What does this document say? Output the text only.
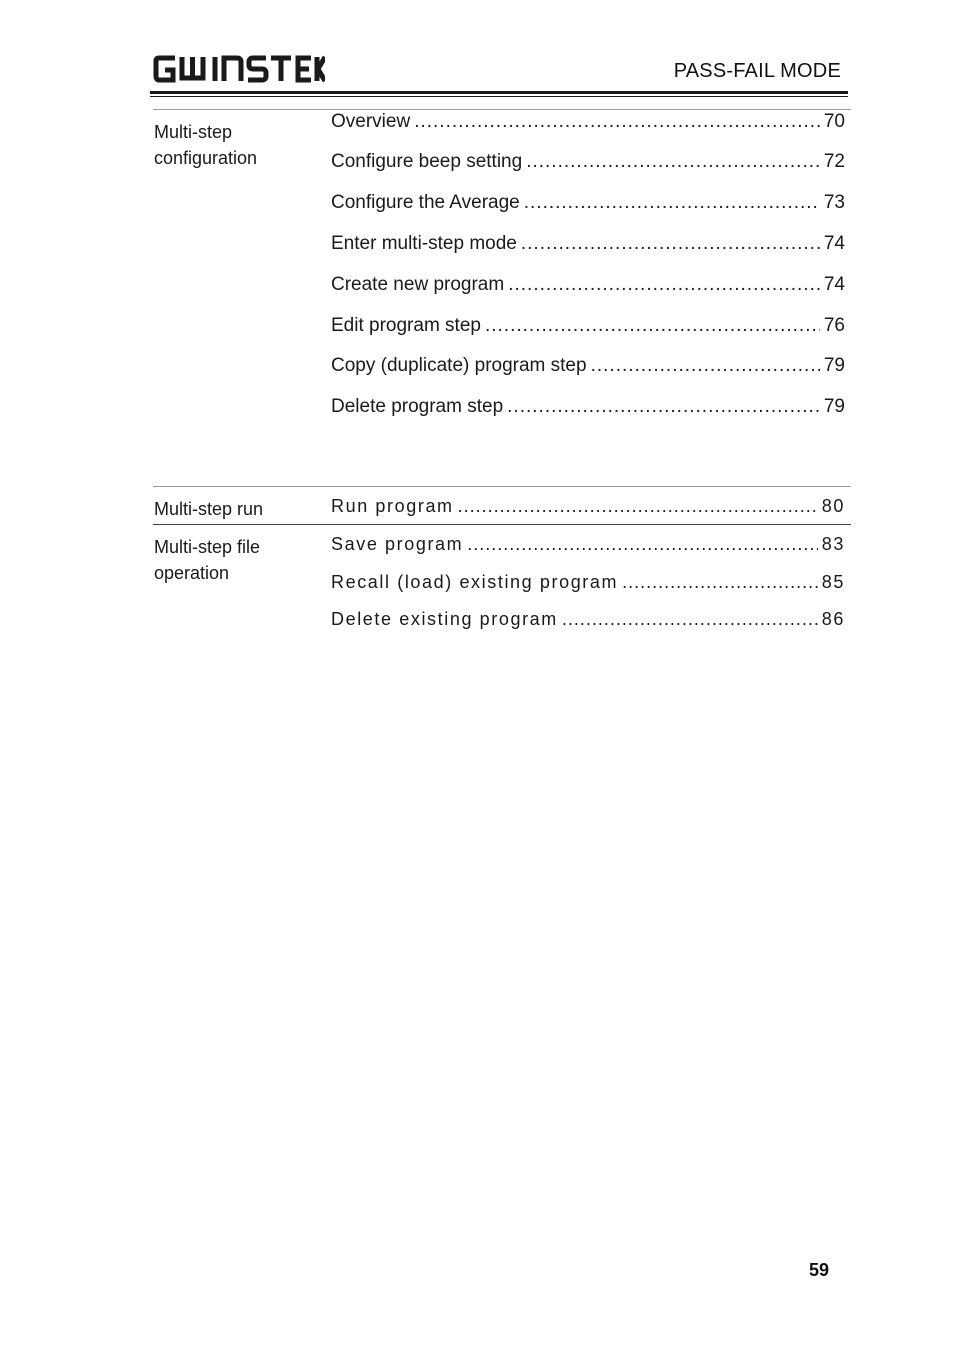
PASS-FAIL MODE
Multi-step configuration
Overview .....	70
Configure beep setting .....	72
Configure the Average .....	73
Enter multi-step mode .....	74
Create new program .....	74
Edit program step .....	76
Copy (duplicate) program step .....	79
Delete program step .....	79
Multi-step run	Run program .....	80
Multi-step file operation
Save program .....	83
Recall (load) existing program .....	85
Delete existing program .....	86
59
